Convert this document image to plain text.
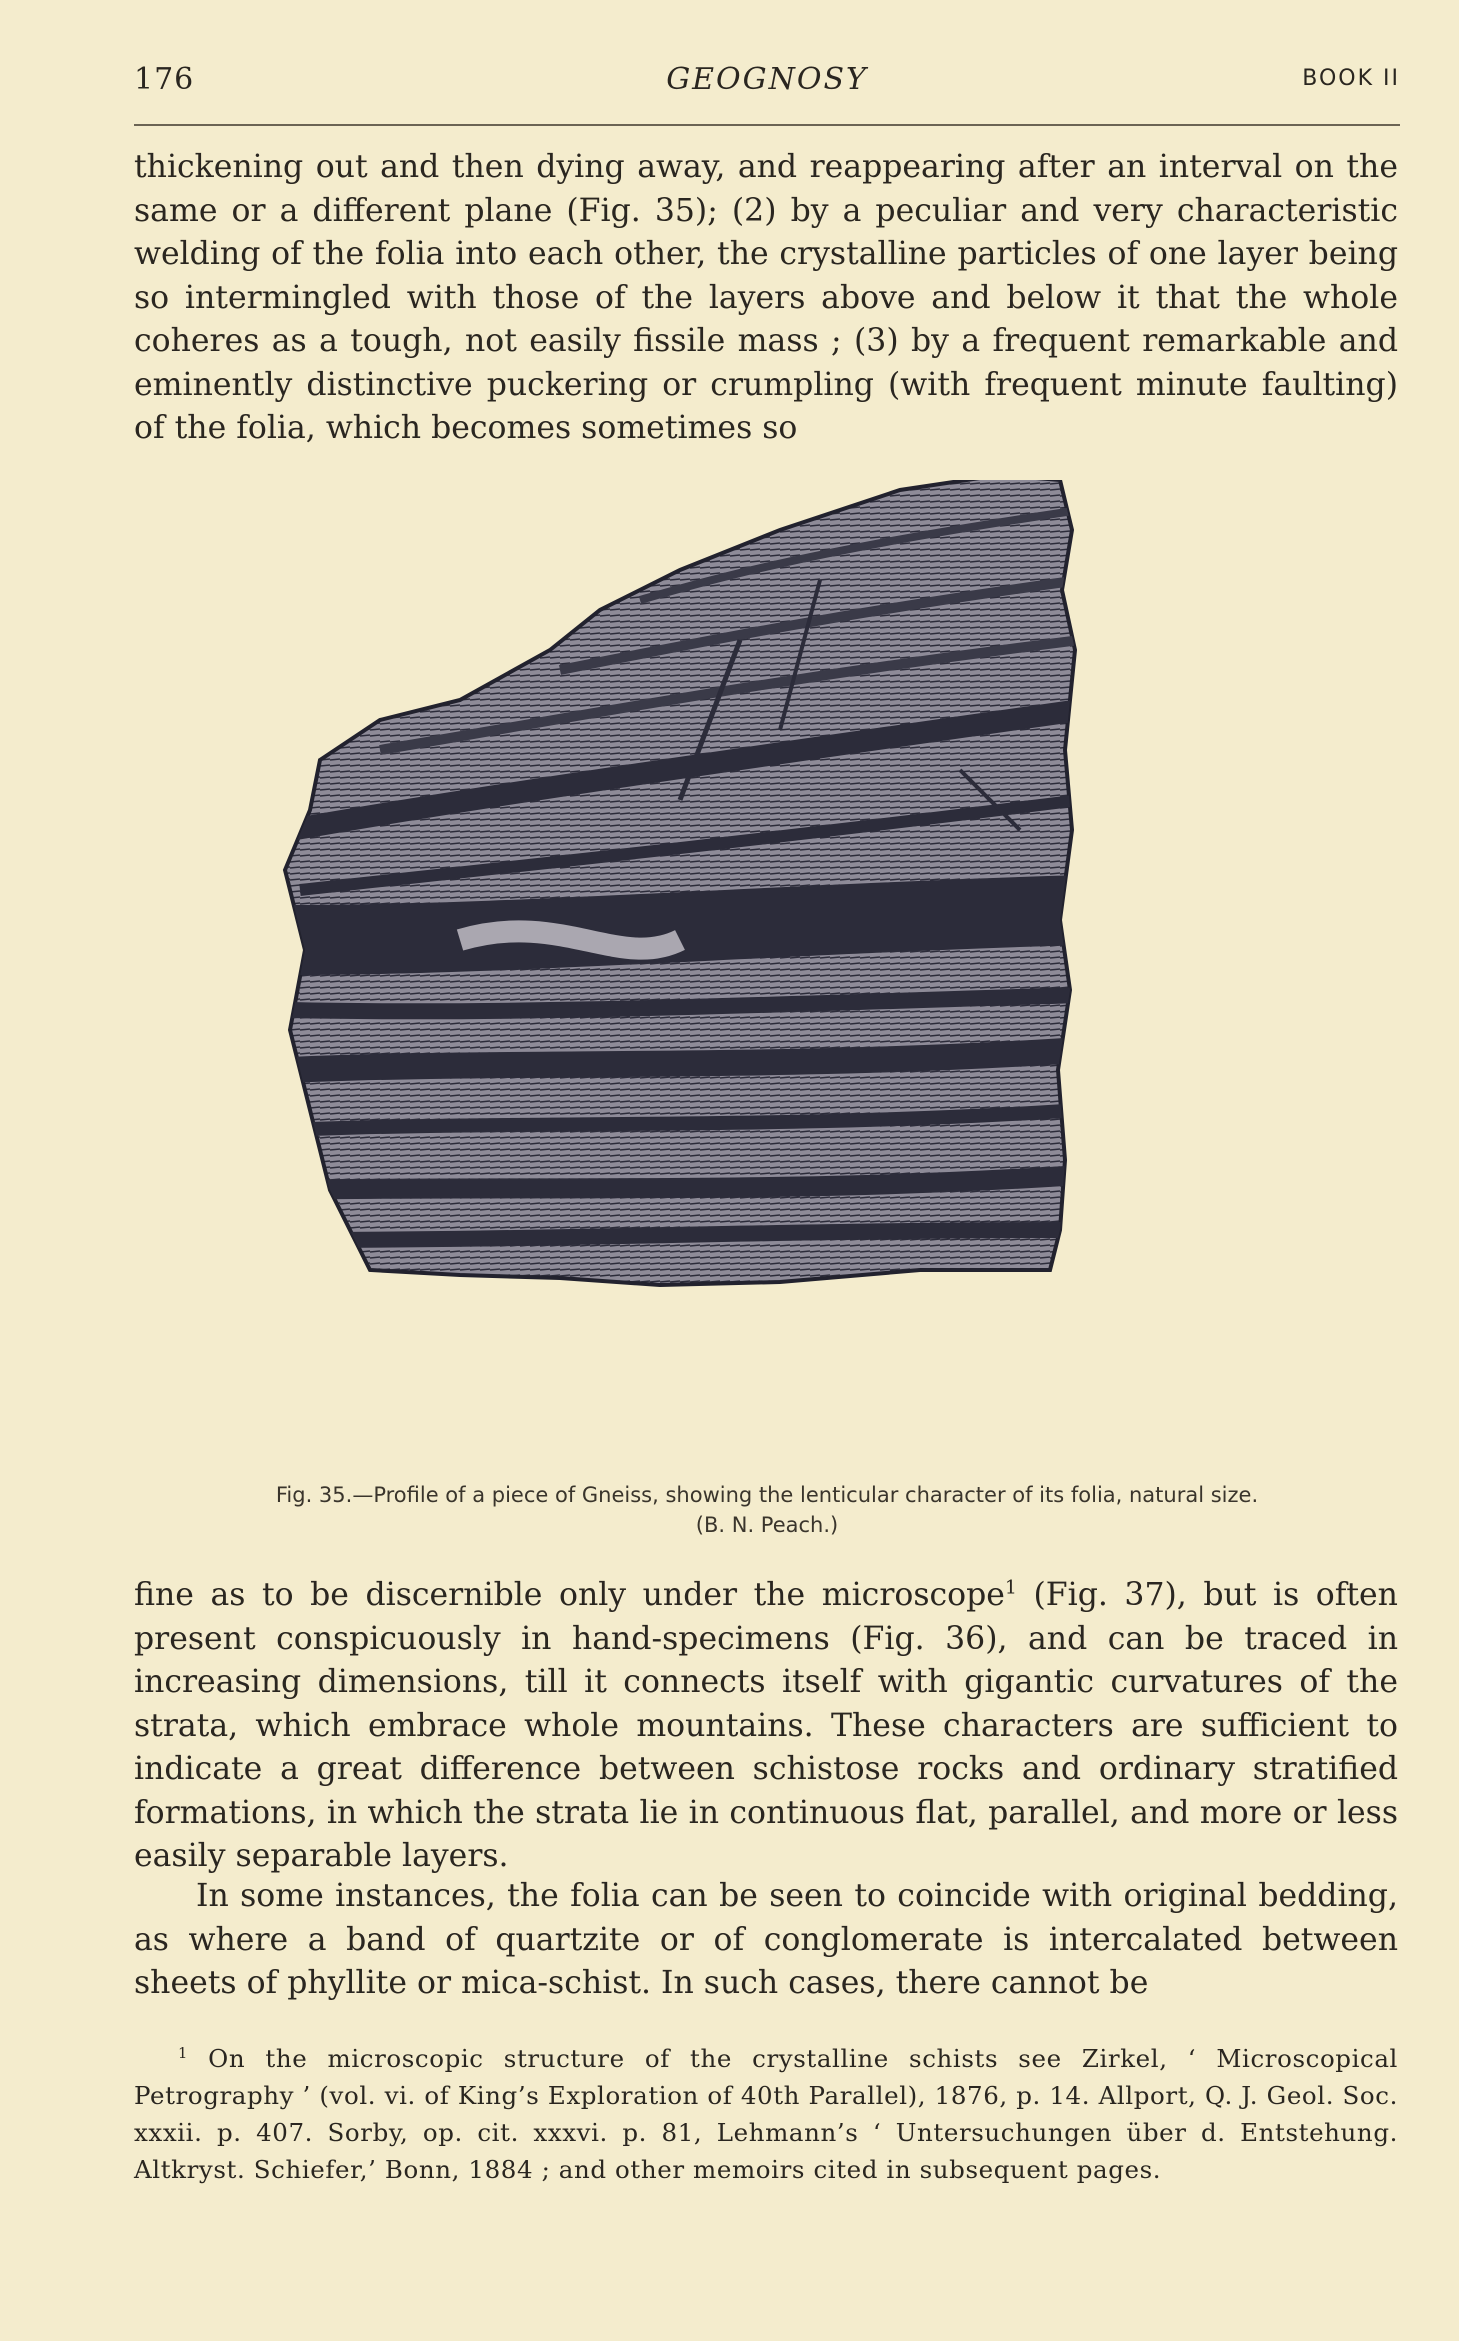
176	GEOGNOSY	BOOK II
thickening out and then dying away, and reappearing after an interval on the same or a different plane (Fig. 35); (2) by a peculiar and very characteristic welding of the folia into each other, the crystalline particles of one layer being so intermingled with those of the layers above and below it that the whole coheres as a tough, not easily fissile mass ; (3) by a frequent remarkable and eminently distinctive puckering or crumpling (with frequent minute faulting) of the folia, which becomes sometimes so
Fig. 35.—Profile of a piece of Gneiss, showing the lenticular character of its folia, natural size.
(B. N. Peach.)
fine as to be discernible only under the microscope$^1$ (Fig. 37), but is often present conspicuously in hand-specimens (Fig. 36), and can be traced in increasing dimensions, till it connects itself with gigantic curvatures of the strata, which embrace whole mountains. These characters are sufficient to indicate a great difference between schistose rocks and ordinary stratified formations, in which the strata lie in continuous flat, parallel, and more or less easily separable layers.
In some instances, the folia can be seen to coincide with original bedding, as where a band of quartzite or of conglomerate is intercalated between sheets of phyllite or mica-schist. In such cases, there cannot be
$^1$ On the microscopic structure of the crystalline schists see Zirkel, ‘ Microscopical Petrography ’ (vol. vi. of King’s Exploration of 40th Parallel), 1876, p. 14. Allport, Q. J. Geol. Soc. xxxii. p. 407. Sorby, op. cit. xxxvi. p. 81, Lehmann’s ‘ Untersuchungen über d. Entstehung. Altkryst. Schiefer,’ Bonn, 1884 ; and other memoirs cited in subsequent pages.
